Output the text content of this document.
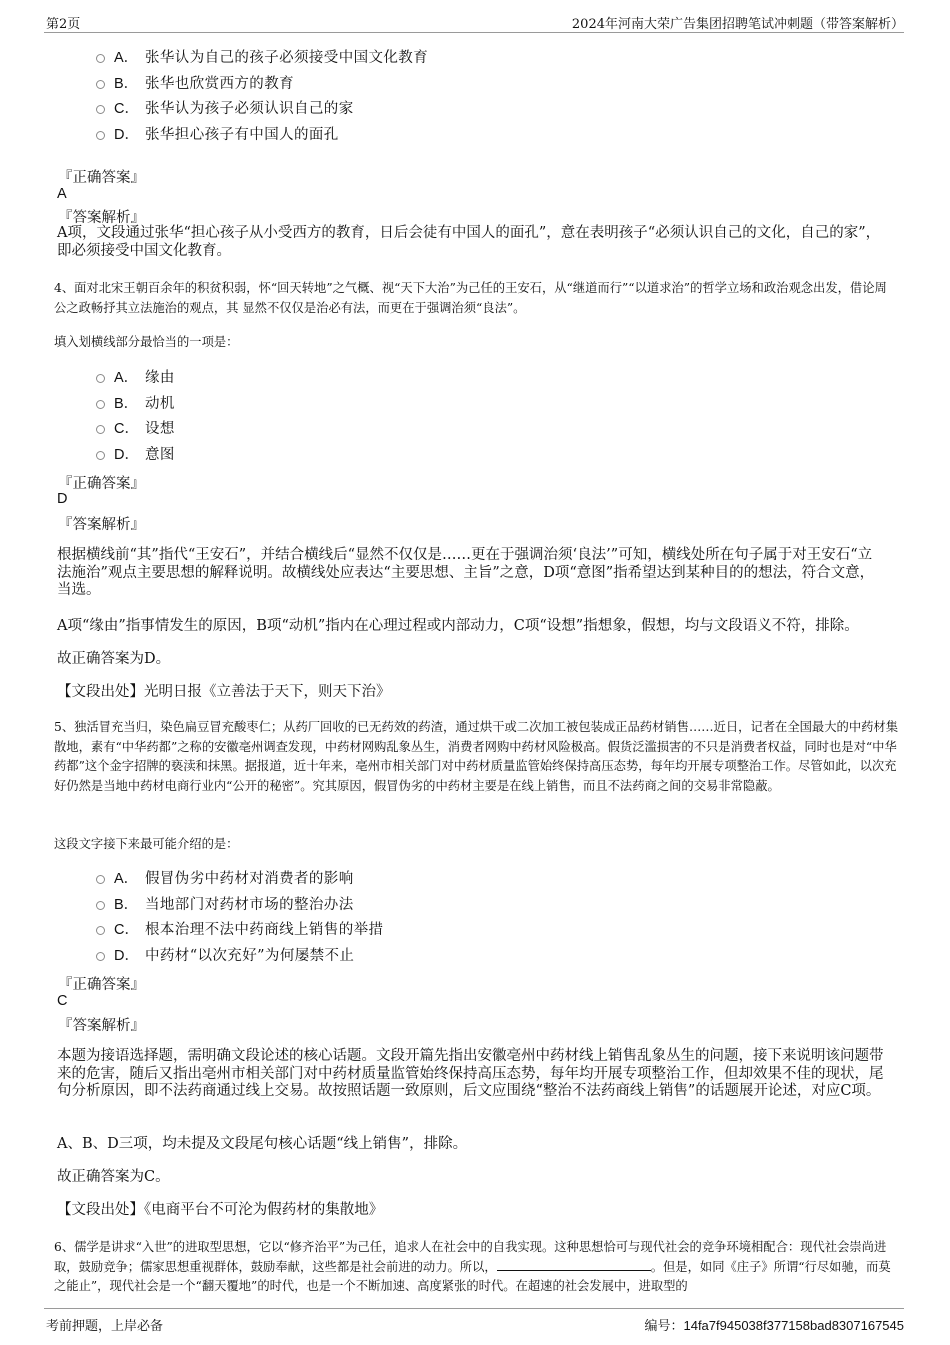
第2页	2024年河南大荣广告集团招聘笔试冲刺题（带答案解析）
A． 张华认为自己的孩子必须接受中国文化教育
B． 张华也欣赏西方的教育
C． 张华认为孩子必须认识自己的家
D． 张华担心孩子有中国人的面孔
『正确答案』
A
『答案解析』
A项，文段通过张华“担心孩子从小受西方的教育，日后会徒有中国人的面孔”，意在表明孩子“必须认识自己的文化，自己的家”，即必须接受中国文化教育。
4、面对北宋王朝百余年的积贫积弱，怀“回天转地”之气概、视“天下大治”为己任的王安石，从“继道而行”“以道求治”的哲学立场和政治观念出发，借论周公之政畅抒其立法施治的观点，其 显然不仅仅是治必有法，而更在于强调治须“良法”。
填入划横线部分最恰当的一项是：
A． 缘由
B． 动机
C． 设想
D． 意图
『正确答案』
D
『答案解析』
根据横线前“其”指代“王安石”，并结合横线后“显然不仅仅是……更在于强调治须‘良法’”可知，横线处所在句子属于对王安石“立法施治”观点主要思想的解释说明。故横线处应表达“主要思想、主旨”之意，D项“意图”指希望达到某种目的的想法，符合文意，当选。
A项“缘由”指事情发生的原因，B项“动机”指内在心理过程或内部动力，C项“设想”指想象，假想，均与文段语义不符，排除。
故正确答案为D。
【文段出处】光明日报《立善法于天下，则天下治》
5、独活冒充当归，染色扁豆冒充酸枣仁；从药厂回收的已无药效的药渣，通过烘干或二次加工被包装成正品药材销售……近日，记者在全国最大的中药材集散地，素有“中华药都”之称的安徽亳州调查发现，中药材网购乱象丛生，消费者网购中药材风险极高。假货泛滥损害的不只是消费者权益，同时也是对“中华药都”这个金字招牌的亵渎和抹黑。据报道，近十年来，亳州市相关部门对中药材质量监管始终保持高压态势，每年均开展专项整治工作。尽管如此，以次充好仍然是当地中药材电商行业内“公开的秘密”。究其原因，假冒伪劣的中药材主要是在线上销售，而且不法药商之间的交易非常隐蔽。
这段文字接下来最可能介绍的是：
A． 假冒伪劣中药材对消费者的影响
B． 当地部门对药材市场的整治办法
C． 根本治理不法中药商线上销售的举措
D． 中药材“以次充好”为何屡禁不止
『正确答案』
C
『答案解析』
本题为接语选择题，需明确文段论述的核心话题。文段开篇先指出安徽亳州中药材线上销售乱象丛生的问题，接下来说明该问题带来的危害，随后又指出亳州市相关部门对中药材质量监管始终保持高压态势，每年均开展专项整治工作，但却效果不佳的现状，尾句分析原因，即不法药商通过线上交易。故按照话题一致原则，后文应围绕“整治不法药商线上销售”的话题展开论述，对应C项。
A、B、D三项，均未提及文段尾句核心话题“线上销售”，排除。
故正确答案为C。
【文段出处】《电商平台不可沦为假药材的集散地》
6、儒学是讲求“入世”的进取型思想，它以“修齐治平”为己任，追求人在社会中的自我实现。这种思想恰可与现代社会的竞争环境相配合：现代社会崇尚进取，鼓励竞争；儒家思想重视群体，鼓励奉献，这些都是社会前进的动力。所以，	。但是，如同《庄子》所谓“行尽如驰，而莫之能止”，现代社会是一个“翻天覆地”的时代，也是一个不断加速、高度紧张的时代。在超速的社会发展中，进取型的
考前押题，上岸必备	编号：14fa7f945038f377158bad8307167545
